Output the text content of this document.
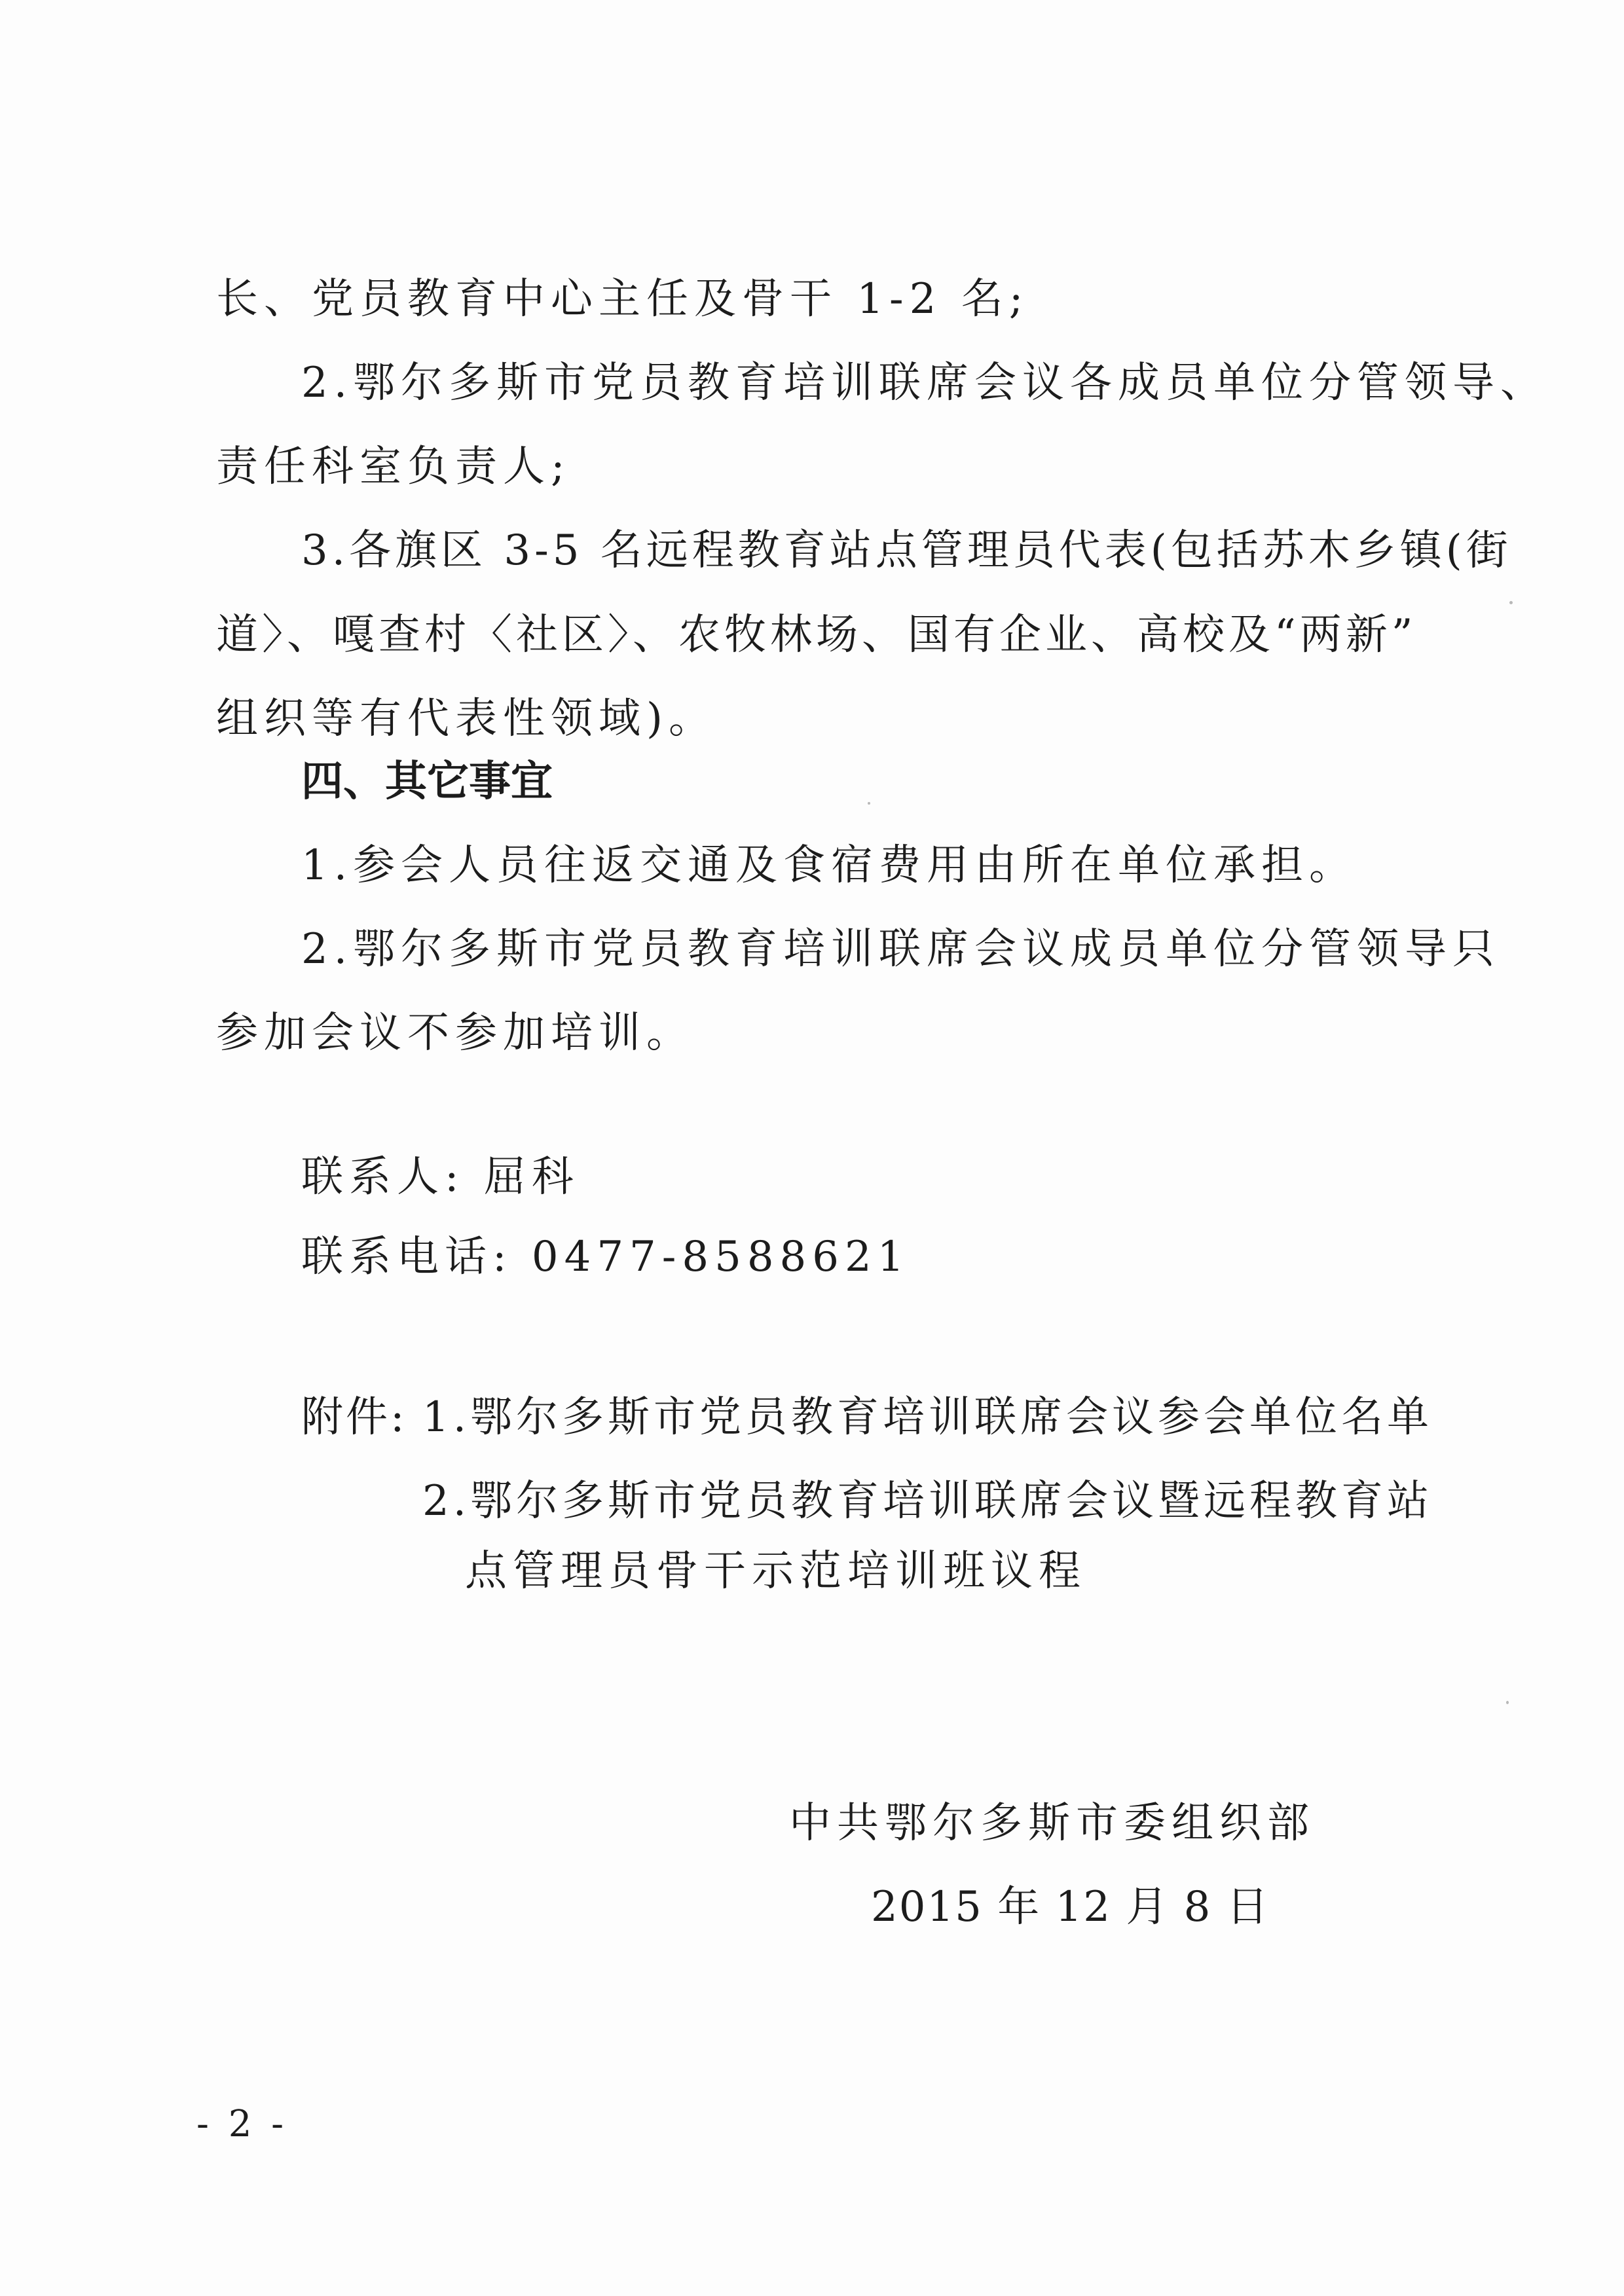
长、党员教育中心主任及骨干 1-2 名;
2.鄂尔多斯市党员教育培训联席会议各成员单位分管领导、
责任科室负责人;
3.各旗区 3-5 名远程教育站点管理员代表(包括苏木乡镇(街
道〉、嘎查村〈社区〉、农牧林场、国有企业、高校及“两新”
组织等有代表性领域)。
四、其它事宜
1.参会人员往返交通及食宿费用由所在单位承担。
2.鄂尔多斯市党员教育培训联席会议成员单位分管领导只
参加会议不参加培训。
联系人: 屈科
联系电话: 0477-8588621
附件: 1.鄂尔多斯市党员教育培训联席会议参会单位名单
2.鄂尔多斯市党员教育培训联席会议暨远程教育站
点管理员骨干示范培训班议程
中共鄂尔多斯市委组织部
2015 年 12 月 8 日
- 2 -
